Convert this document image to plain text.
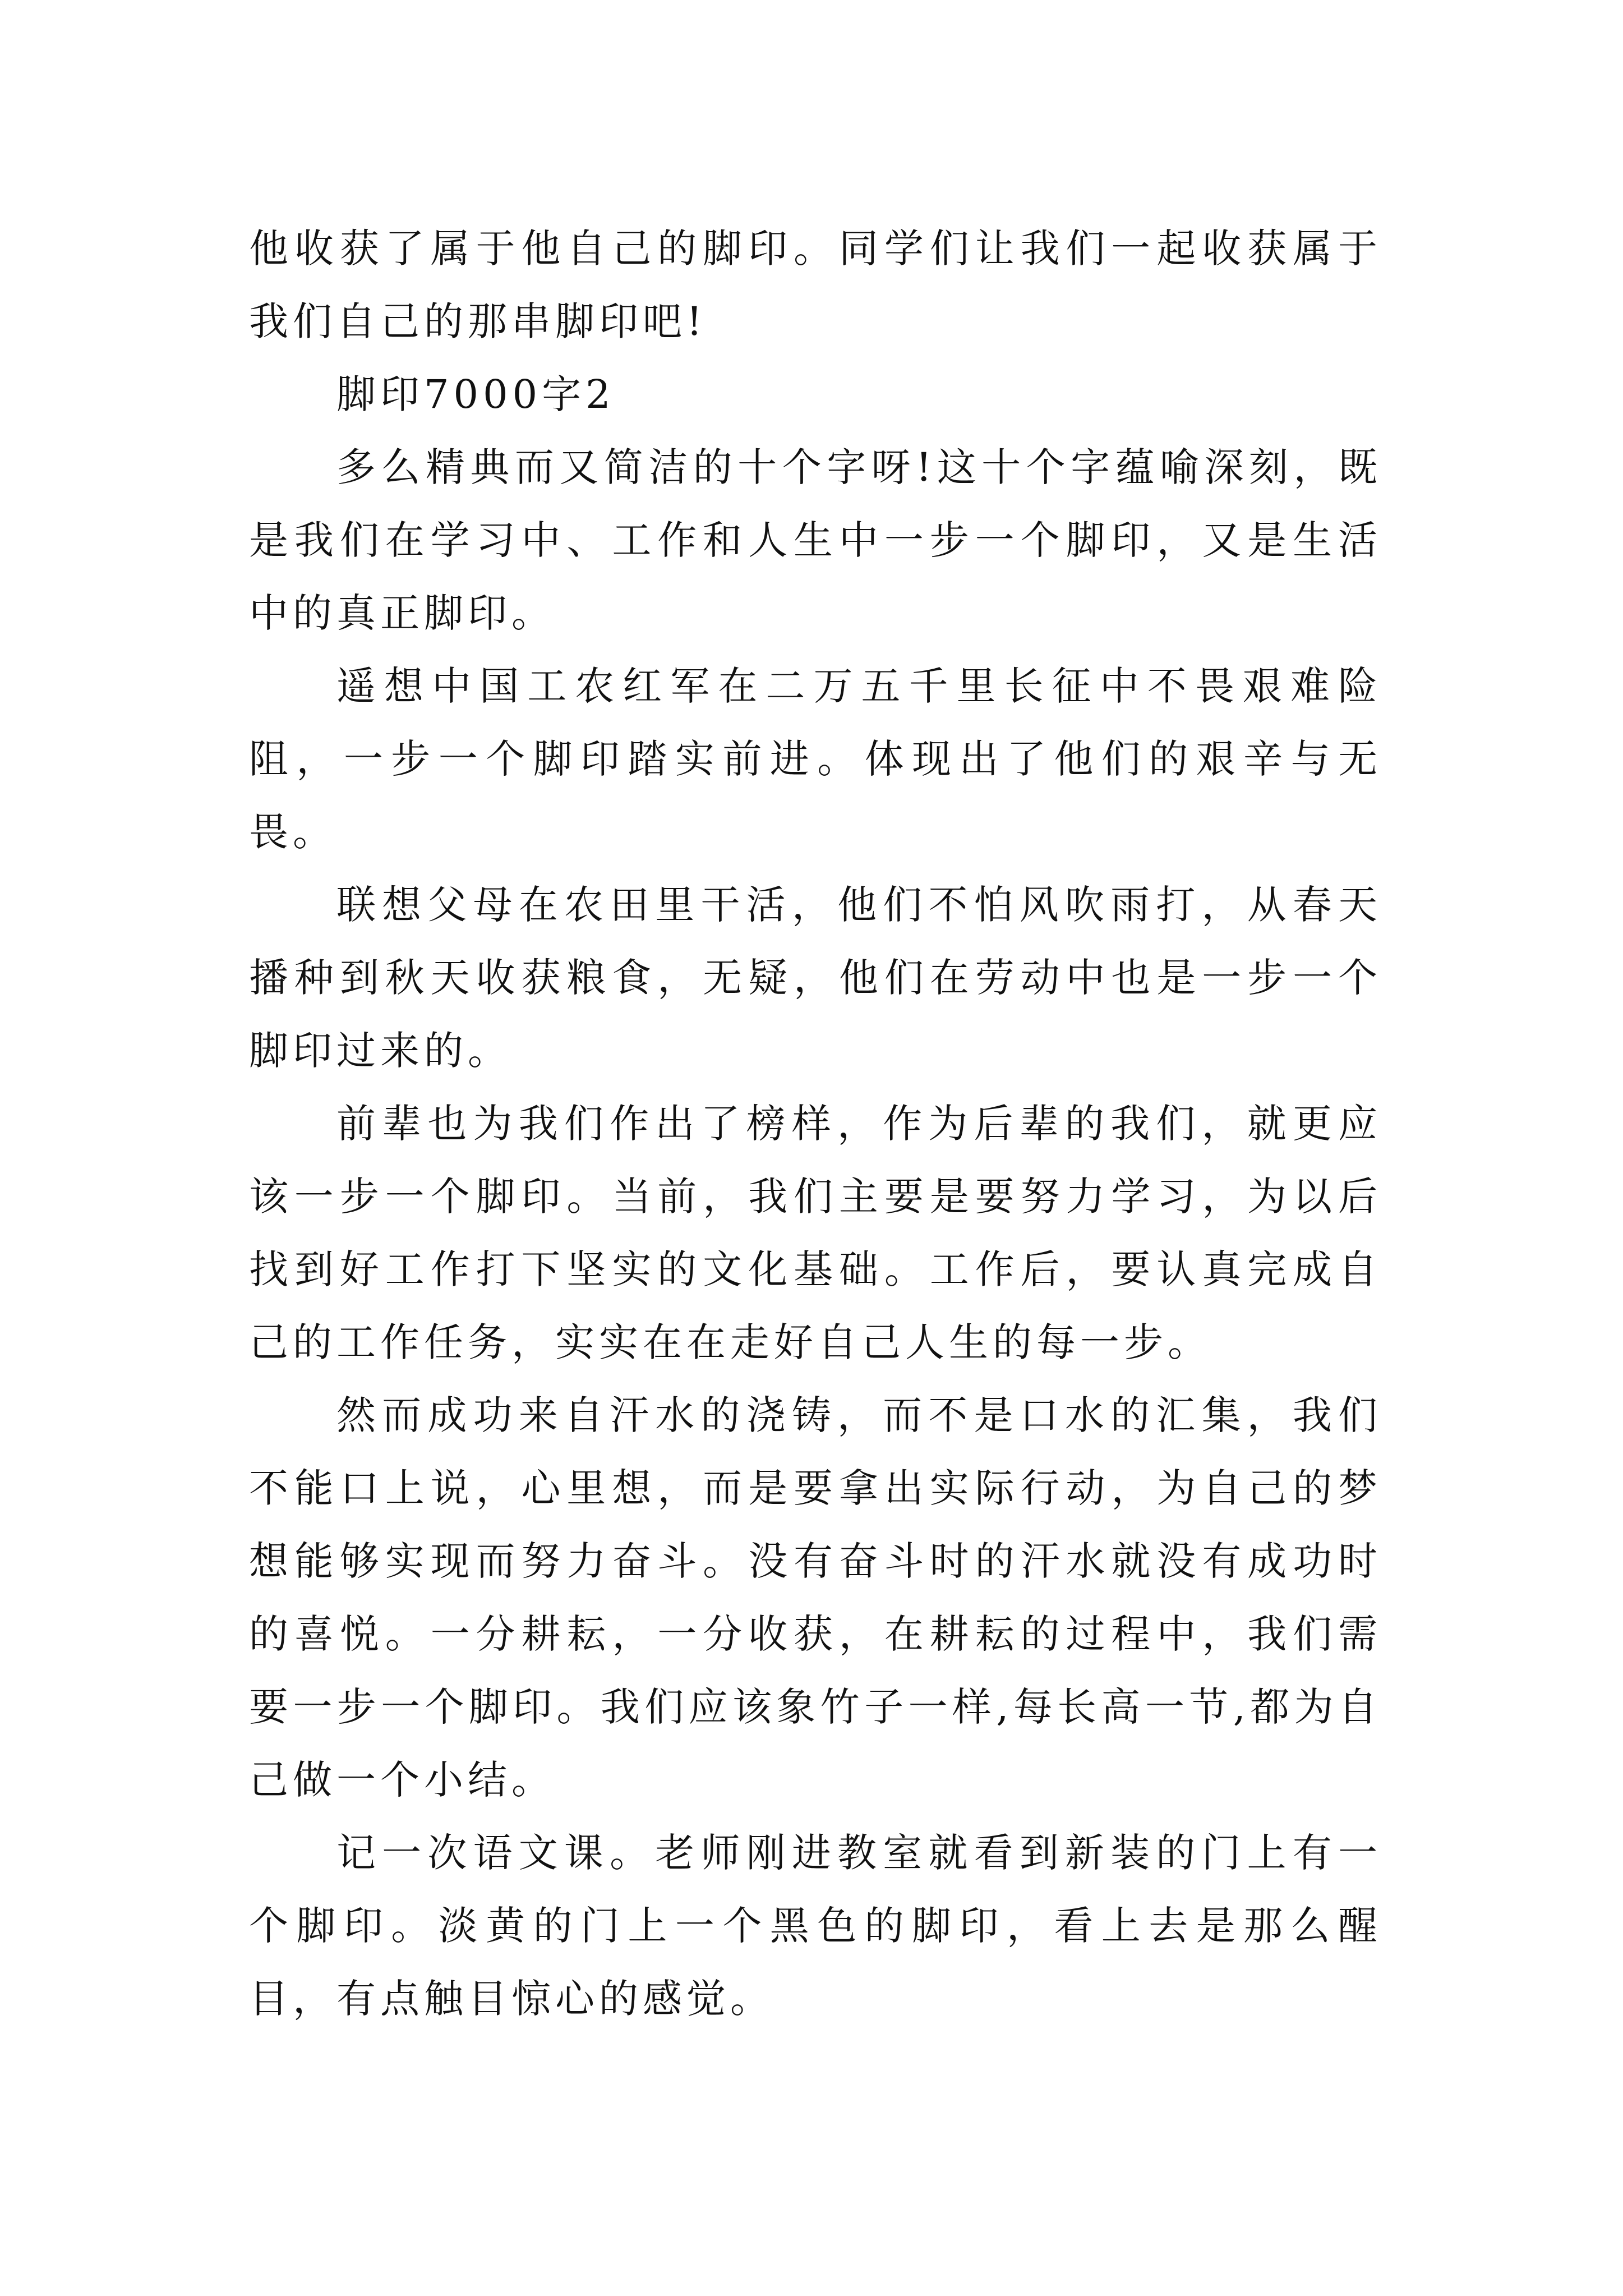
他收获了属于他自己的脚印。同学们让我们一起收获属于我们自己的那串脚印吧!

脚印7000字2

多么精典而又简洁的十个字呀!这十个字蕴喻深刻，既是我们在学习中、工作和人生中一步一个脚印，又是生活中的真正脚印。

遥想中国工农红军在二万五千里长征中不畏艰难险阻，一步一个脚印踏实前进。体现出了他们的艰辛与无畏。

联想父母在农田里干活，他们不怕风吹雨打，从春天播种到秋天收获粮食，无疑，他们在劳动中也是一步一个脚印过来的。

前辈也为我们作出了榜样，作为后辈的我们，就更应该一步一个脚印。当前，我们主要是要努力学习，为以后找到好工作打下坚实的文化基础。工作后，要认真完成自己的工作任务，实实在在走好自己人生的每一步。

然而成功来自汗水的浇铸，而不是口水的汇集，我们不能口上说，心里想，而是要拿出实际行动，为自己的梦想能够实现而努力奋斗。没有奋斗时的汗水就没有成功时的喜悦。一分耕耘，一分收获，在耕耘的过程中，我们需要一步一个脚印。我们应该象竹子一样,每长高一节,都为自己做一个小结。

记一次语文课。老师刚进教室就看到新装的门上有一个脚印。淡黄的门上一个黑色的脚印，看上去是那么醒目，有点触目惊心的感觉。
